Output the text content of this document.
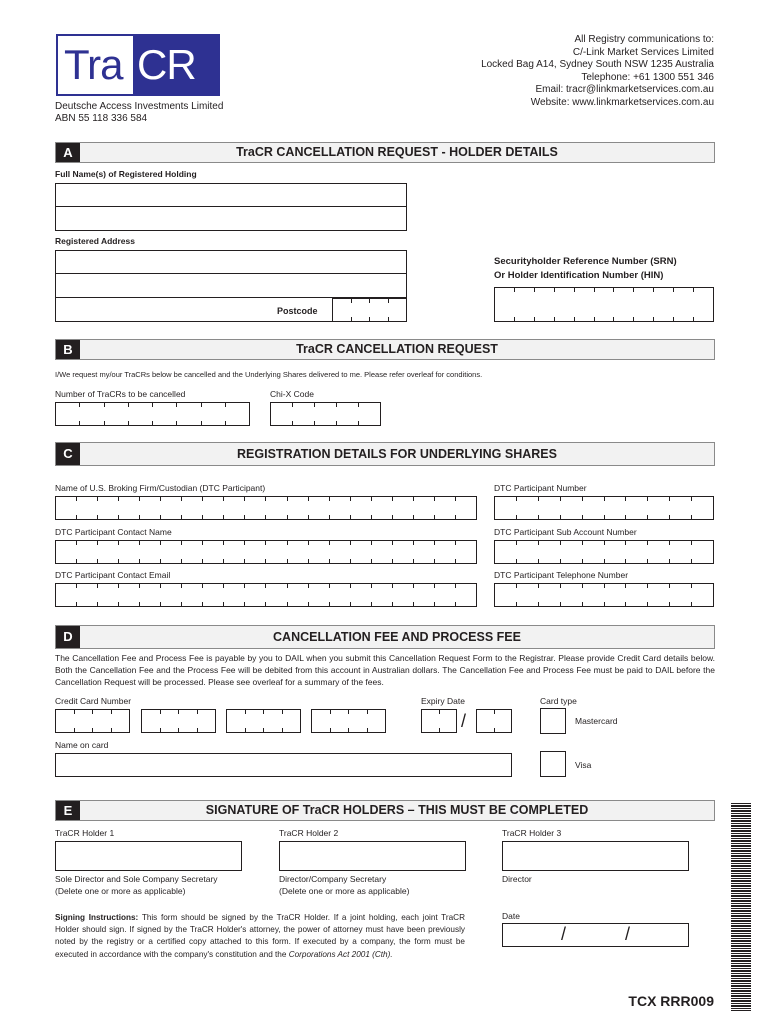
Tra CR
Deutsche Access Investments Limited
ABN 55 118 336 584
All Registry communications to:
C/-Link Market Services Limited
Locked Bag A14, Sydney South NSW 1235 Australia
Telephone: +61 1300 551 346
Email: tracr@linkmarketservices.com.au
Website: www.linkmarketservices.com.au
A	TraCR CANCELLATION REQUEST - HOLDER DETAILS
Full Name(s) of Registered Holding
Registered Address
Postcode
Securityholder Reference Number (SRN)
Or Holder Identification Number (HIN)
B	TraCR CANCELLATION REQUEST
I/We request my/our TraCRs below be cancelled and the Underlying Shares delivered to me. Please refer overleaf for conditions.
Number of TraCRs to be cancelled	Chi-X Code
C	REGISTRATION DETAILS FOR UNDERLYING SHARES
Name of U.S. Broking Firm/Custodian (DTC Participant)	DTC Participant Number
DTC Participant Contact Name	DTC Participant Sub Account Number
DTC Participant Contact Email	DTC Participant Telephone Number
D	CANCELLATION FEE AND PROCESS FEE
The Cancellation Fee and Process Fee is payable by you to DAIL when you submit this Cancellation Request Form to the Registrar. Please provide Credit Card details below. Both the Cancellation Fee and the Process Fee will be debited from this account in Australian dollars. The Cancellation Fee and Process Fee must be paid to DAIL before the Cancellation Request will be processed. Please see overleaf for a summary of the fees.
Credit Card Number	Expiry Date
/
Card type
Mastercard
Visa
Name on card
E	SIGNATURE OF TraCR HOLDERS – THIS MUST BE COMPLETED
TraCR Holder 1
Sole Director and Sole Company Secretary
(Delete one or more as applicable)
TraCR Holder 2
Director/Company Secretary
(Delete one or more as applicable)
TraCR Holder 3
Director
Signing Instructions: This form should be signed by the TraCR Holder. If a joint holding, each joint TraCR Holder should sign. If signed by the TraCR Holder's attorney, the power of attorney must have been previously noted by the registry or a certified copy attached to this form. If executed by a company, the form must be executed in accordance with the company's constitution and the Corporations Act 2001 (Cth).
Date
/	/
TCX RRR009
